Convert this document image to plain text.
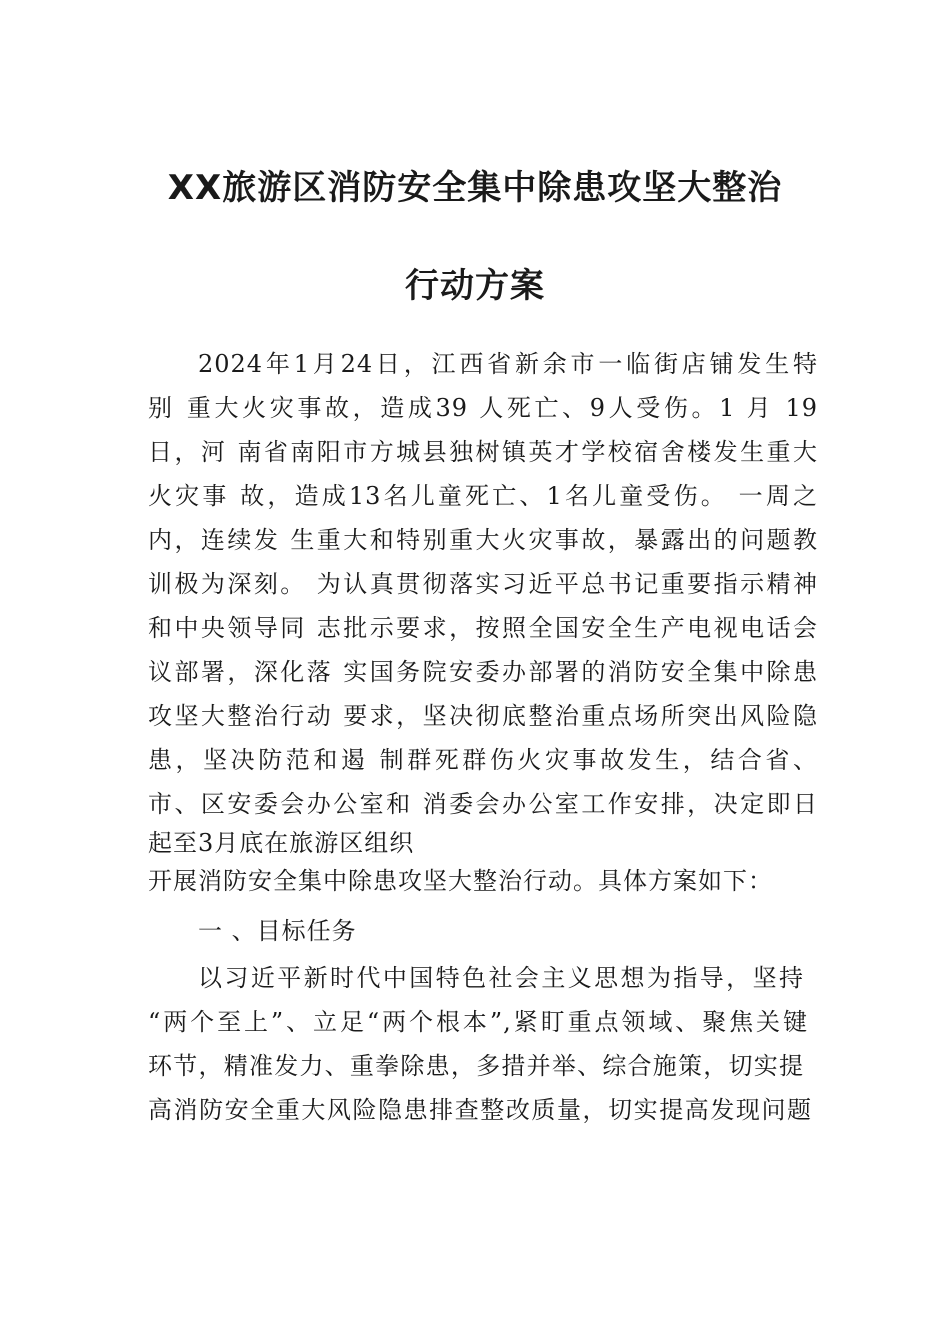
XX旅游区消防安全集中除患攻坚大整治
行动方案
2024年1月24日，江西省新余市一临街店铺发生特
别 重大火灾事故，造成39 人死亡、9人受伤。1 月 19
日，河 南省南阳市方城县独树镇英才学校宿舍楼发生重大
火灾事 故，造成13名儿童死亡、1名儿童受伤。 一周之
内，连续发 生重大和特别重大火灾事故，暴露出的问题教
训极为深刻。 为认真贯彻落实习近平总书记重要指示精神
和中央领导同 志批示要求，按照全国安全生产电视电话会
议部署，深化落 实国务院安委办部署的消防安全集中除患
攻坚大整治行动 要求，坚决彻底整治重点场所突出风险隐
患，坚决防范和遏 制群死群伤火灾事故发生，结合省、
市、区安委会办公室和 消委会办公室工作安排，决定即日
起至3月底在旅游区组织
开展消防安全集中除患攻坚大整治行动。具体方案如下：
一 、目标任务
以习近平新时代中国特色社会主义思想为指导，坚持
“两个至上”、立足“两个根本”,紧盯重点领域、聚焦关键
环节，精准发力、重拳除患，多措并举、综合施策，切实提
高消防安全重大风险隐患排查整改质量，切实提高发现问题
